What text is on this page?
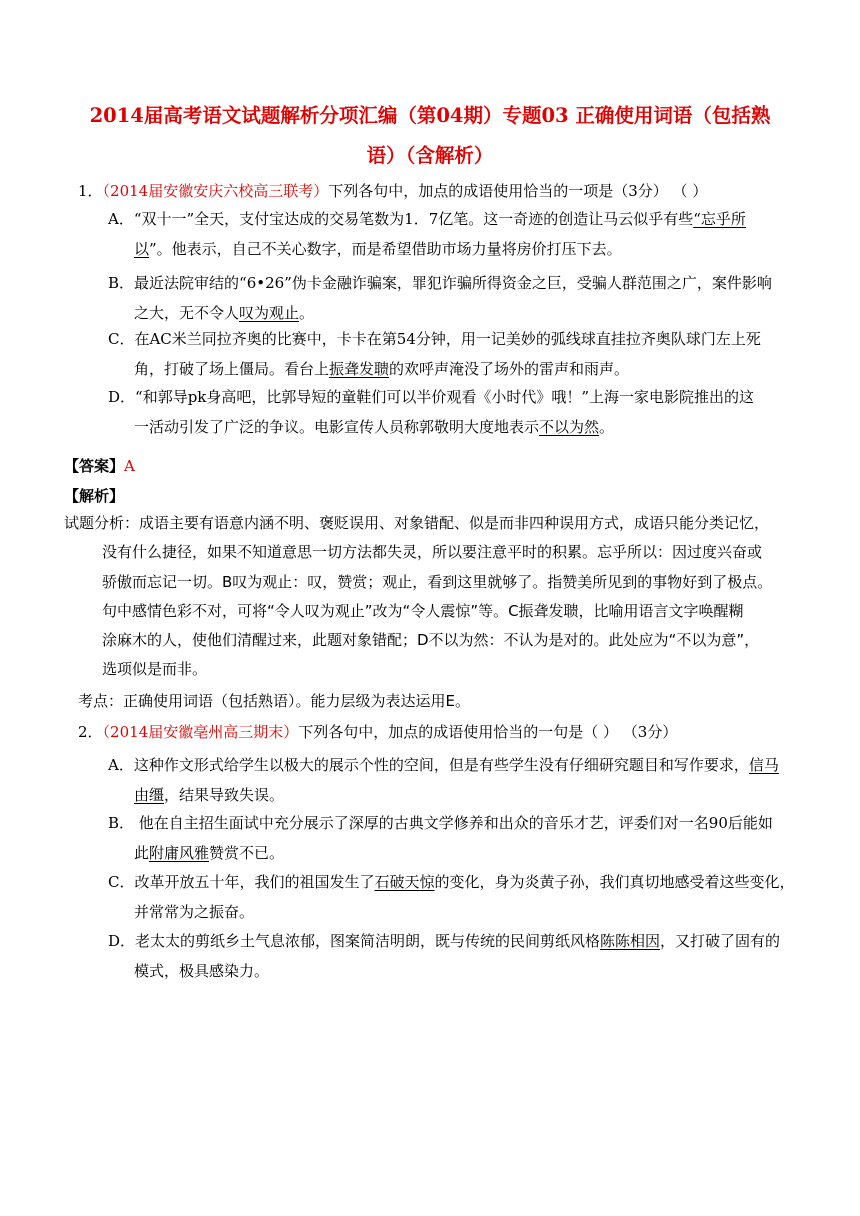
2014届高考语文试题解析分项汇编（第04期）专题03 正确使用词语（包括熟
语）（含解析）
1．（2014届安徽安庆六校高三联考）下列各句中，加点的成语使用恰当的一项是（3分） （ ）
A．“双十一”全天，支付宝达成的交易笔数为1．7亿笔。这一奇迹的创造让马云似乎有些“忘乎所
以”。他表示，自己不关心数字，而是希望借助市场力量将房价打压下去。
B．最近法院审结的“6•26”伪卡金融诈骗案，罪犯诈骗所得资金之巨，受骗人群范围之广，案件影响
之大，无不令人叹为观止。
C．在AC米兰同拉齐奥的比赛中，卡卡在第54分钟，用一记美妙的弧线球直挂拉齐奥队球门左上死
角，打破了场上僵局。看台上振聋发聩的欢呼声淹没了场外的雷声和雨声。
D．“和郭导pk身高吧，比郭导短的童鞋们可以半价观看《小时代》哦！”上海一家电影院推出的这
一活动引发了广泛的争议。电影宣传人员称郭敬明大度地表示不以为然。
【答案】A
【解析】
试题分析：成语主要有语意内涵不明、褒贬误用、对象错配、似是而非四种误用方式，成语只能分类记忆，
没有什么捷径，如果不知道意思一切方法都失灵，所以要注意平时的积累。忘乎所以：因过度兴奋或
骄傲而忘记一切。B叹为观止：叹，赞赏；观止，看到这里就够了。指赞美所见到的事物好到了极点。
句中感情色彩不对，可将“令人叹为观止”改为“令人震惊”等。C振聋发聩，比喻用语言文字唤醒糊
涂麻木的人，使他们清醒过来，此题对象错配；D不以为然：不认为是对的。此处应为“不以为意”，
选项似是而非。
考点：正确使用词语（包括熟语）。能力层级为表达运用E。
2．（2014届安徽亳州高三期末）下列各句中，加点的成语使用恰当的一句是（ ） （3分）
A．这种作文形式给学生以极大的展示个性的空间，但是有些学生没有仔细研究题目和写作要求，信马
由缰，结果导致失误。
B． 他在自主招生面试中充分展示了深厚的古典文学修养和出众的音乐才艺，评委们对一名90后能如
此附庸风雅赞赏不已。
C．改革开放五十年，我们的祖国发生了石破天惊的变化，身为炎黄子孙，我们真切地感受着这些变化，
并常常为之振奋。
D．老太太的剪纸乡土气息浓郁，图案简洁明朗，既与传统的民间剪纸风格陈陈相因，又打破了固有的
模式，极具感染力。
